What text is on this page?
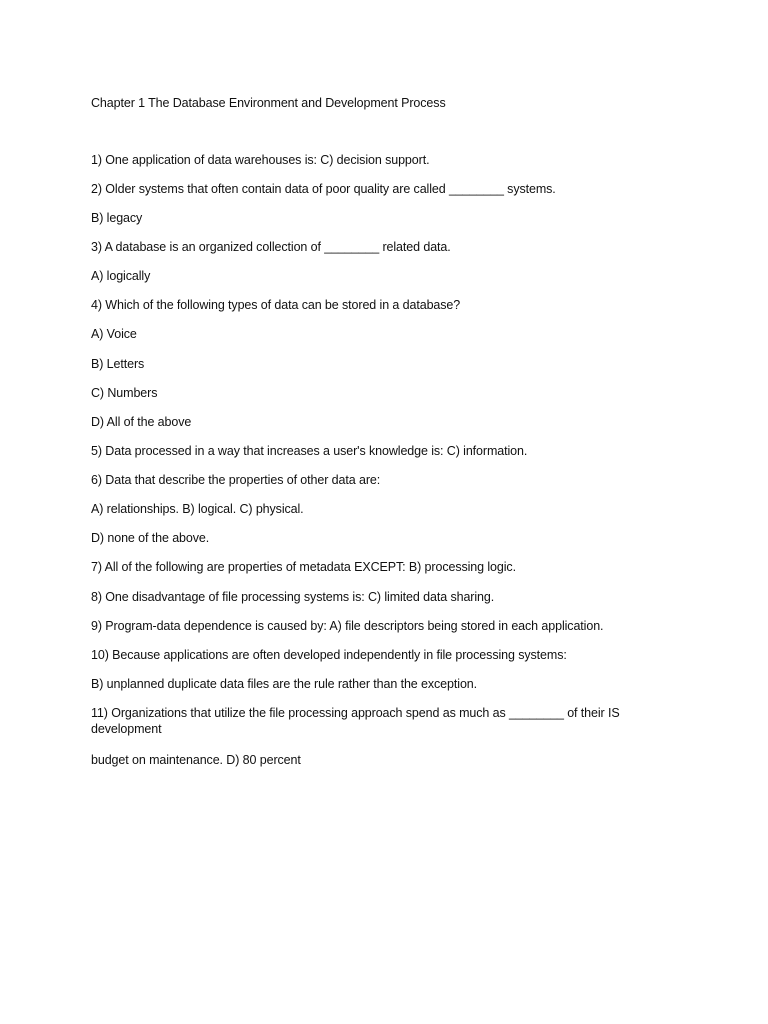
Chapter 1 The Database Environment and Development Process
1) One application of data warehouses is: C) decision support.
2) Older systems that often contain data of poor quality are called ________ systems.
B) legacy
3) A database is an organized collection of ________ related data.
A) logically
4) Which of the following types of data can be stored in a database?
A) Voice
B) Letters
C) Numbers
D) All of the above
5) Data processed in a way that increases a user's knowledge is: C) information.
6) Data that describe the properties of other data are:
A) relationships. B) logical. C) physical.
D) none of the above.
7) All of the following are properties of metadata EXCEPT: B) processing logic.
8) One disadvantage of file processing systems is: C) limited data sharing.
9) Program-data dependence is caused by: A) file descriptors being stored in each application.
10) Because applications are often developed independently in file processing systems:
B) unplanned duplicate data files are the rule rather than the exception.
11) Organizations that utilize the file processing approach spend as much as ________ of their IS development
budget on maintenance. D) 80 percent
